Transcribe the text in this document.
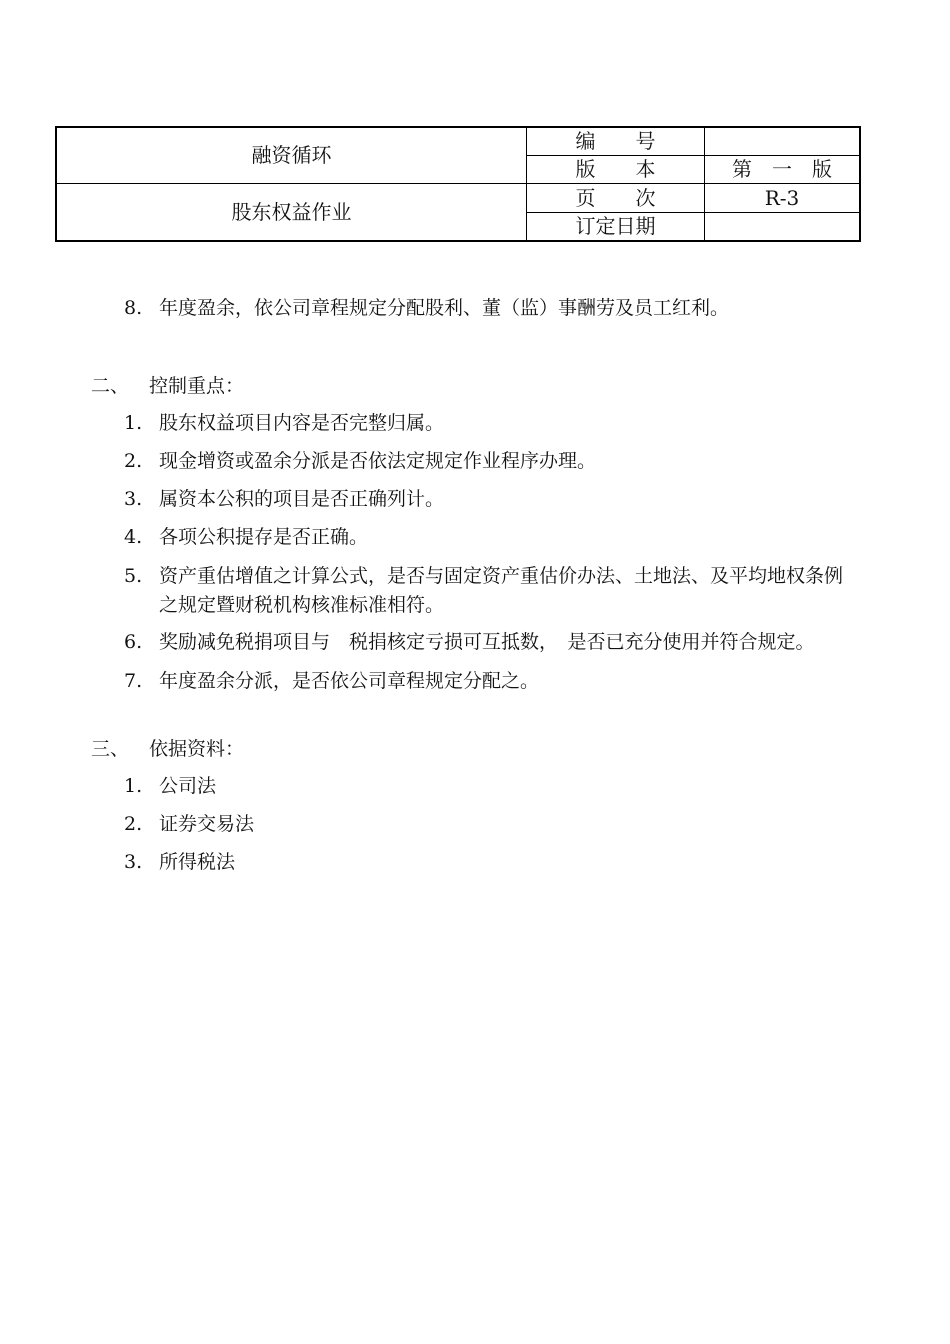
融资循环	编　　号	
	版　　本	第　一　版
股东权益作业	页　　次	R-3
	订定日期	
8. 年度盈余，依公司章程规定分配股利、董（监）事酬劳及员工红利。
二、 控制重点：
1. 股东权益项目内容是否完整归属。
2. 现金增资或盈余分派是否依法定规定作业程序办理。
3. 属资本公积的项目是否正确列计。
4. 各项公积提存是否正确。
5. 资产重估增值之计算公式，是否与固定资产重估价办法、土地法、及平均地权条例之规定暨财税机构核准标准相符。
6. 奖励减免税捐项目与　税捐核定亏损可互抵数，　是否已充分使用并符合规定。
7. 年度盈余分派，是否依公司章程规定分配之。
三、 依据资料：
1. 公司法
2. 证券交易法
3. 所得税法
